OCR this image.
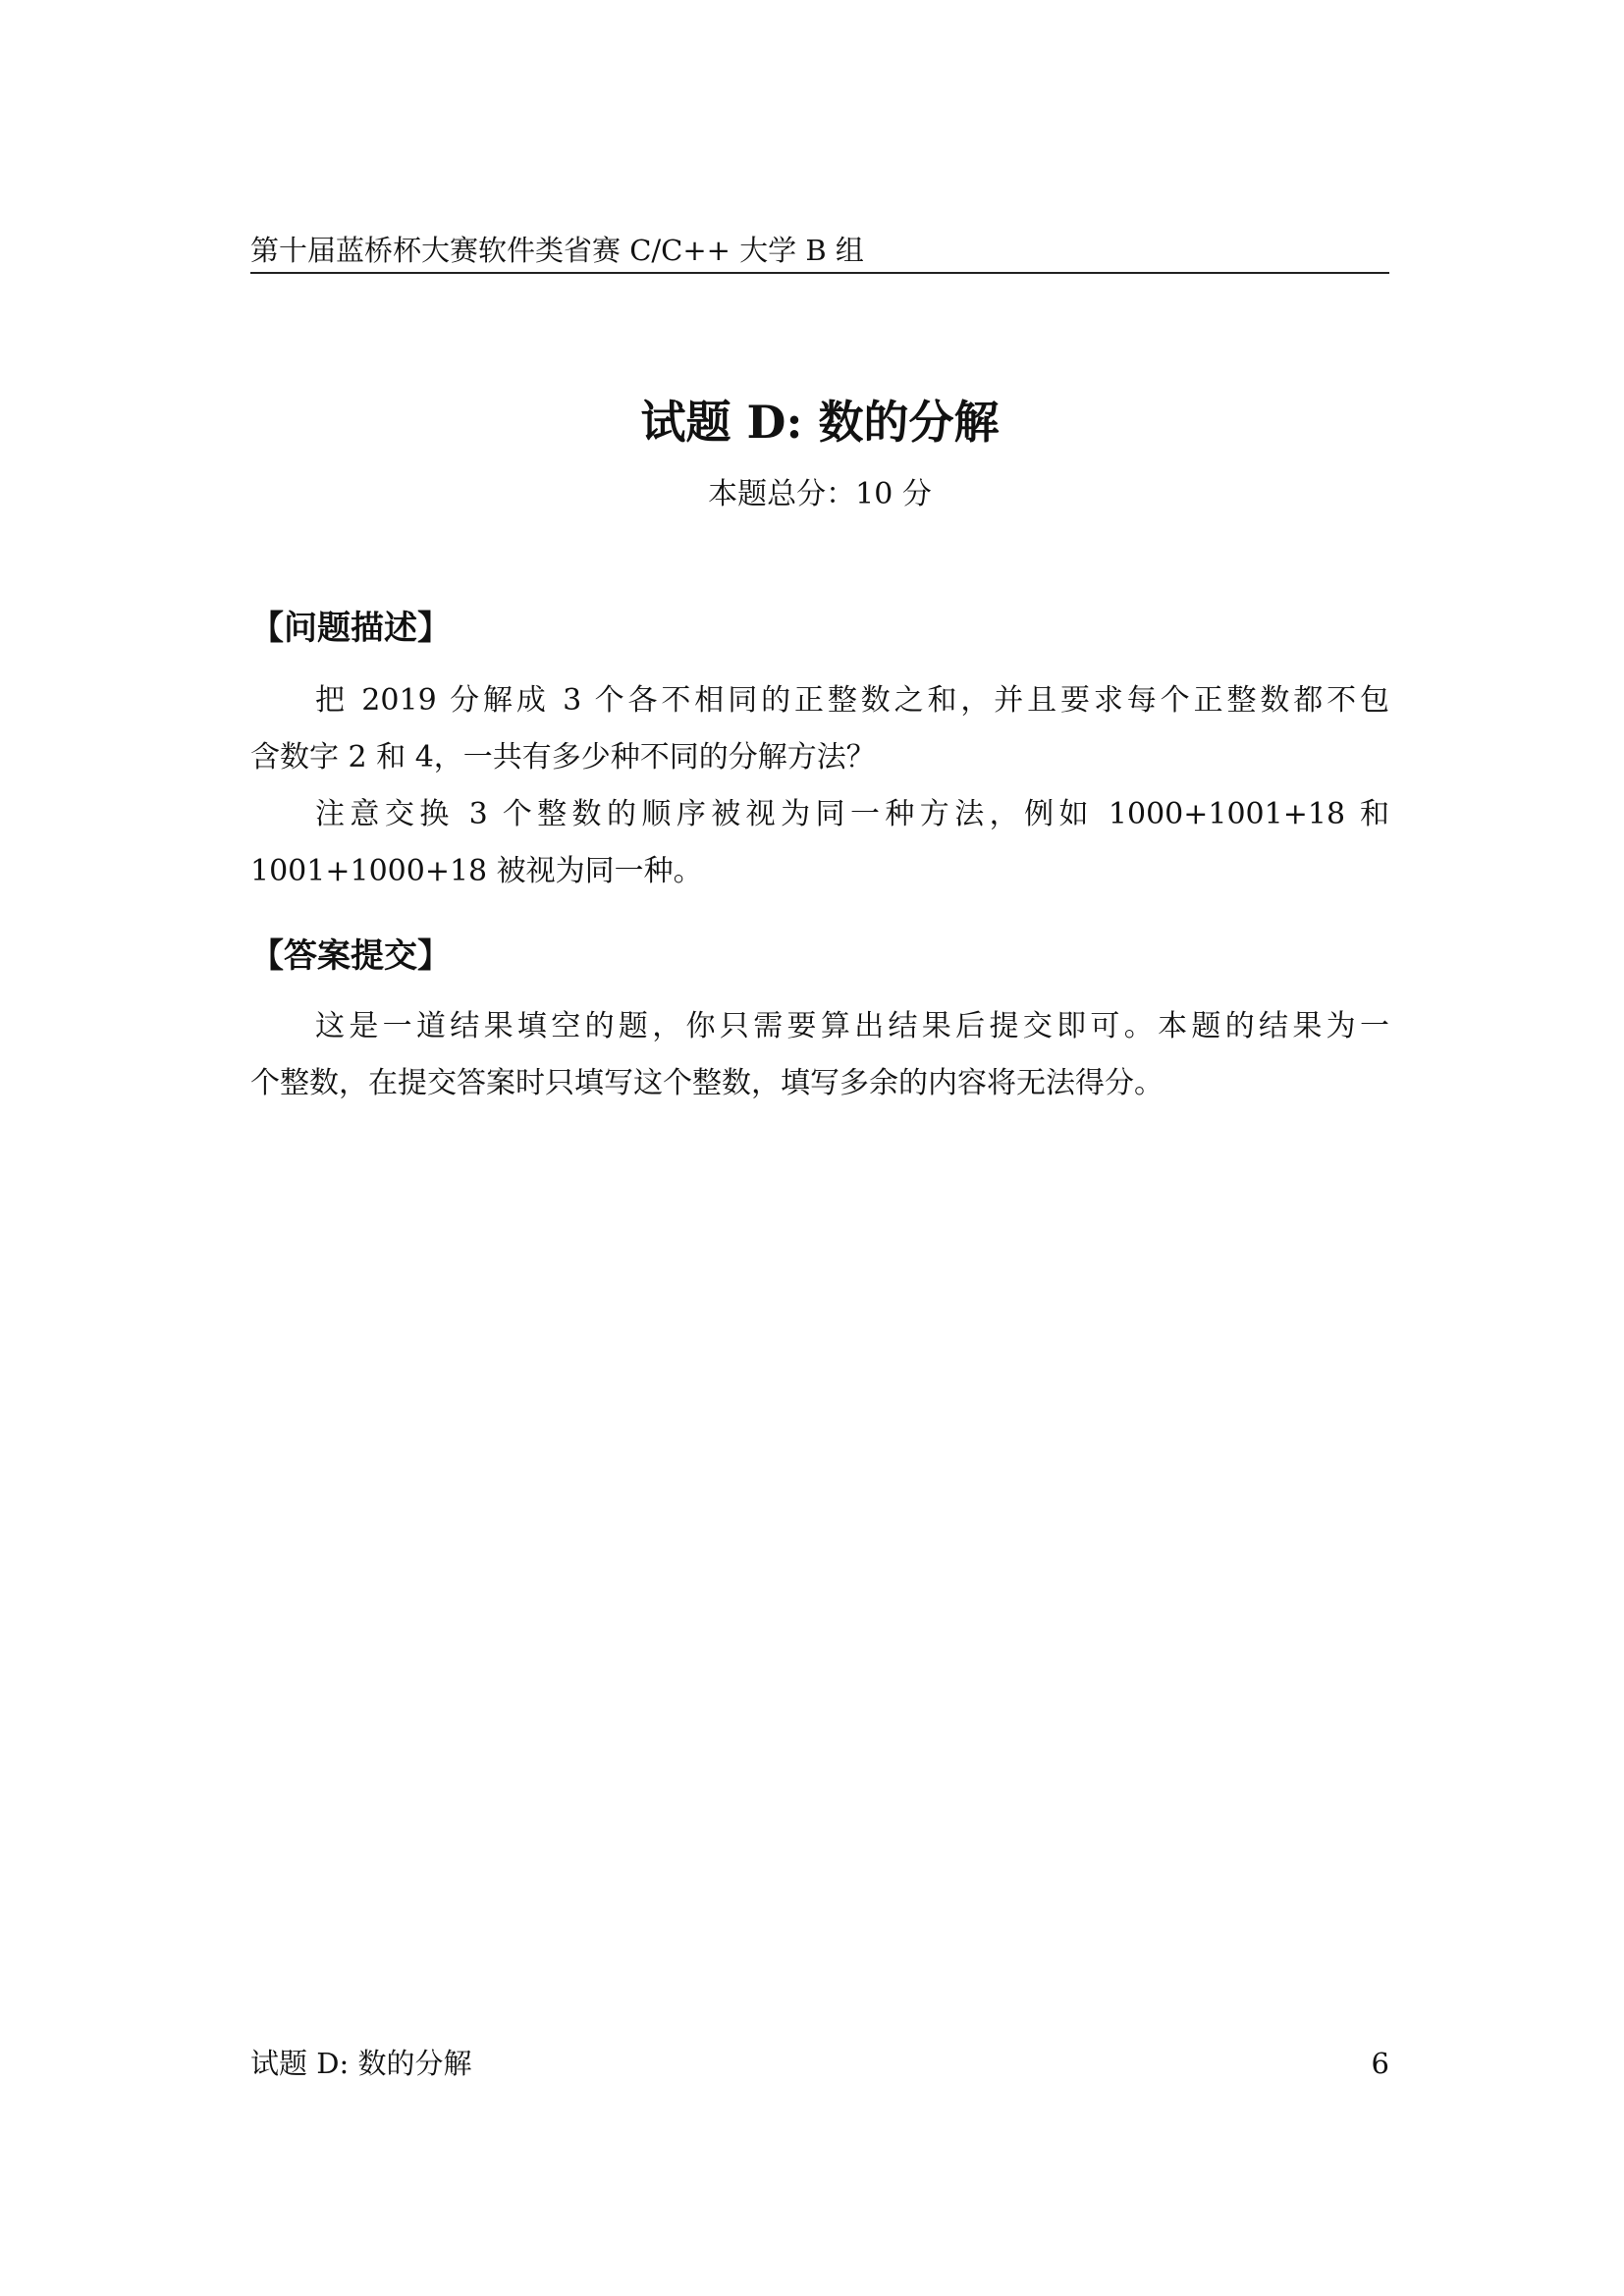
第十届蓝桥杯大赛软件类省赛 C/C++ 大学 B 组
试题 D: 数的分解
本题总分：10 分
【问题描述】
把 2019 分解成 3 个各不相同的正整数之和，并且要求每个正整数都不包
含数字 2 和 4，一共有多少种不同的分解方法？
注意交换 3 个整数的顺序被视为同一种方法，例如 1000+1001+18 和
1001+1000+18 被视为同一种。
【答案提交】
这是一道结果填空的题，你只需要算出结果后提交即可。本题的结果为一
个整数，在提交答案时只填写这个整数，填写多余的内容将无法得分。
试题 D: 数的分解	6
